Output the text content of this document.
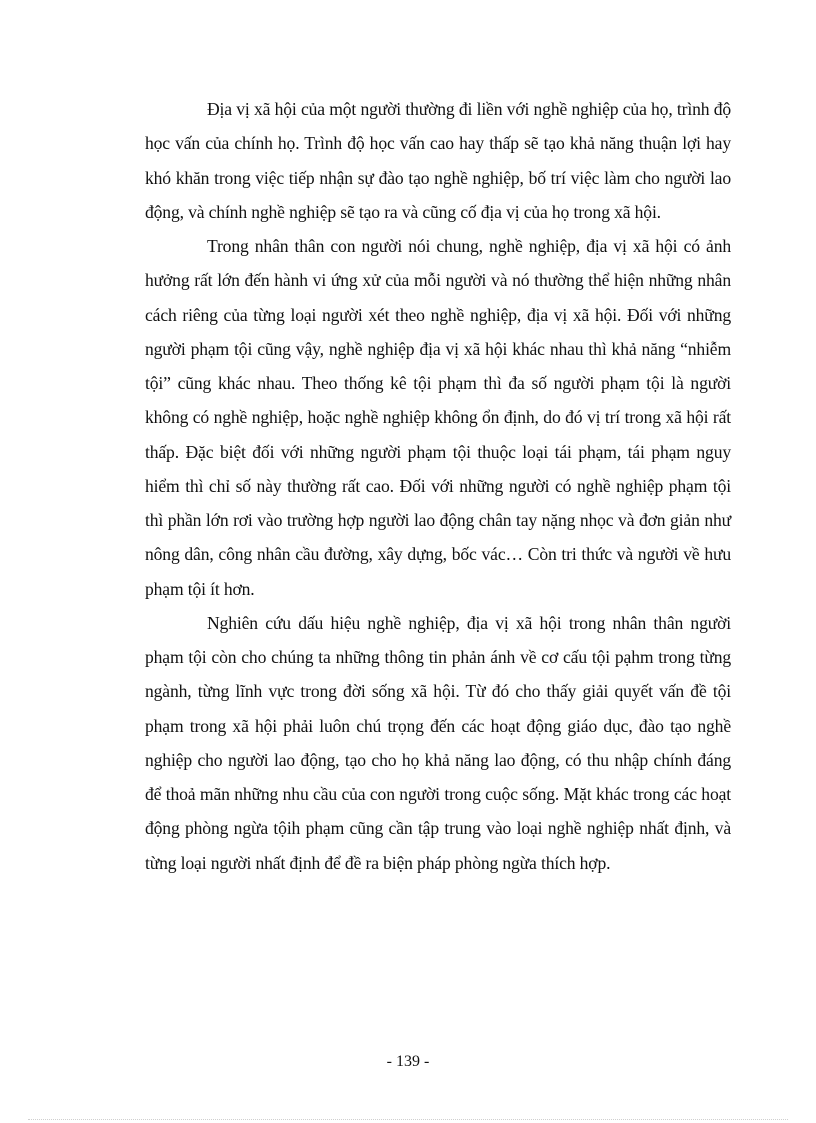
Địa vị xã hội của một người thường đi liền với nghề nghiệp của họ, trình độ học vấn của chính họ. Trình độ học vấn cao hay thấp sẽ tạo khả năng thuận lợi hay khó khăn trong việc tiếp nhận sự đào tạo nghề nghiệp, bố trí việc làm cho người lao động, và chính nghề nghiệp sẽ tạo ra và cũng cố địa vị của họ trong xã hội.

Trong nhân thân con người nói chung, nghề nghiệp, địa vị xã hội có ảnh hưởng rất lớn đến hành vi ứng xử của mỗi người và nó thường thể hiện những nhân cách riêng của từng loại người xét theo nghề nghiệp, địa vị xã hội. Đối với những người phạm tội cũng vậy, nghề nghiệp địa vị xã hội khác nhau thì khả năng “nhiễm tội” cũng khác nhau. Theo thống kê tội phạm thì đa số người phạm tội là người không có nghề nghiệp, hoặc nghề nghiệp không ổn định, do đó vị trí trong xã hội rất thấp. Đặc biệt đối với những người phạm tội thuộc loại tái phạm, tái phạm nguy hiểm thì chỉ số này thường rất cao. Đối với những người có nghề nghiệp phạm tội thì phần lớn rơi vào trường hợp người lao động chân tay nặng nhọc và đơn giản như nông dân, công nhân cầu đường, xây dựng, bốc vác… Còn tri thức và người về hưu phạm tội ít hơn.

Nghiên cứu dấu hiệu nghề nghiệp, địa vị xã hội trong nhân thân người phạm tội còn cho chúng ta những thông tin phản ánh về cơ cấu tội pạhm trong từng ngành, từng lĩnh vực trong đời sống xã hội. Từ đó cho thấy giải quyết vấn đề tội phạm trong xã hội phải luôn chú trọng đến các hoạt động giáo dục, đào tạo nghề nghiệp cho người lao động, tạo cho họ khả năng lao động, có thu nhập chính đáng để thoả mãn những nhu cầu của con người trong cuộc sống. Mặt khác trong các hoạt động phòng ngừa tộih phạm cũng cần tập trung vào loại nghề nghiệp nhất định, và từng loại người nhất định để đề ra biện pháp phòng ngừa thích hợp.

- 139 -
